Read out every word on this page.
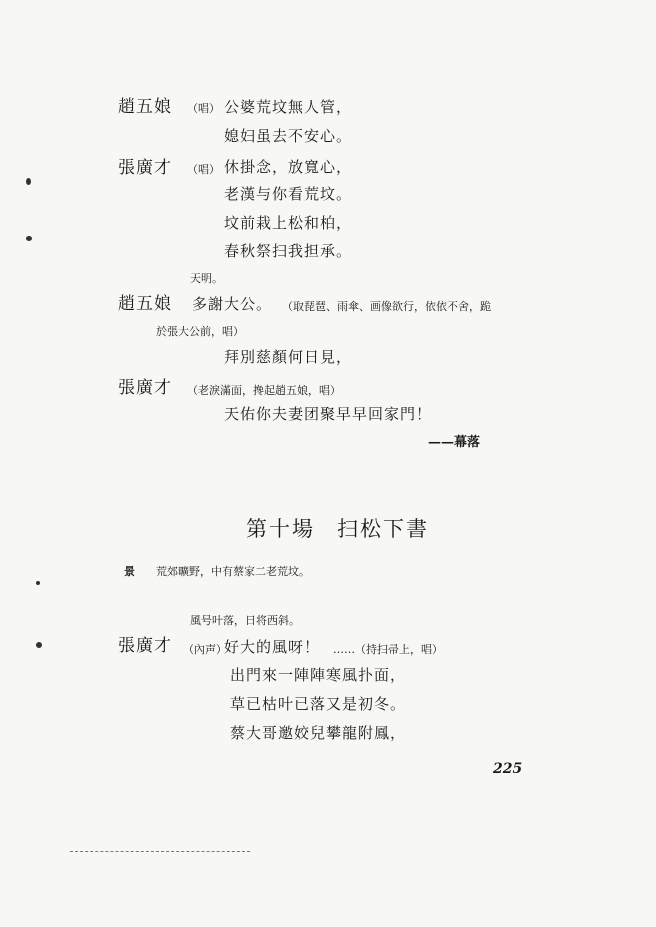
趙五娘 （唱） 公婆荒坟無人管，
媳妇虽去不安心。
張廣才 （唱） 休掛念，放寬心，
老漢与你看荒坟。
坟前栽上松和柏，
春秋祭扫我担承。
天明。
趙五娘 多謝大公。 （取琵琶、雨傘、画像欲行，依依不舍，跪
於張大公前，唱）
拜別慈顏何日見，
張廣才 （老淚滿面，搀起趙五娘，唱）
天佑你夫妻团聚早早回家門！
——幕落
第十場 扫松下書
景 荒郊曠野，中有蔡家二老荒坟。
風号叶落，日将西斜。
張廣才 （內声）
好大的風呀！ ……（持扫帚上，唱）
出門來一陣陣寒風扑面，
草已枯叶已落又是初冬。
蔡大哥邀姣兒攀龍附鳳，
225
